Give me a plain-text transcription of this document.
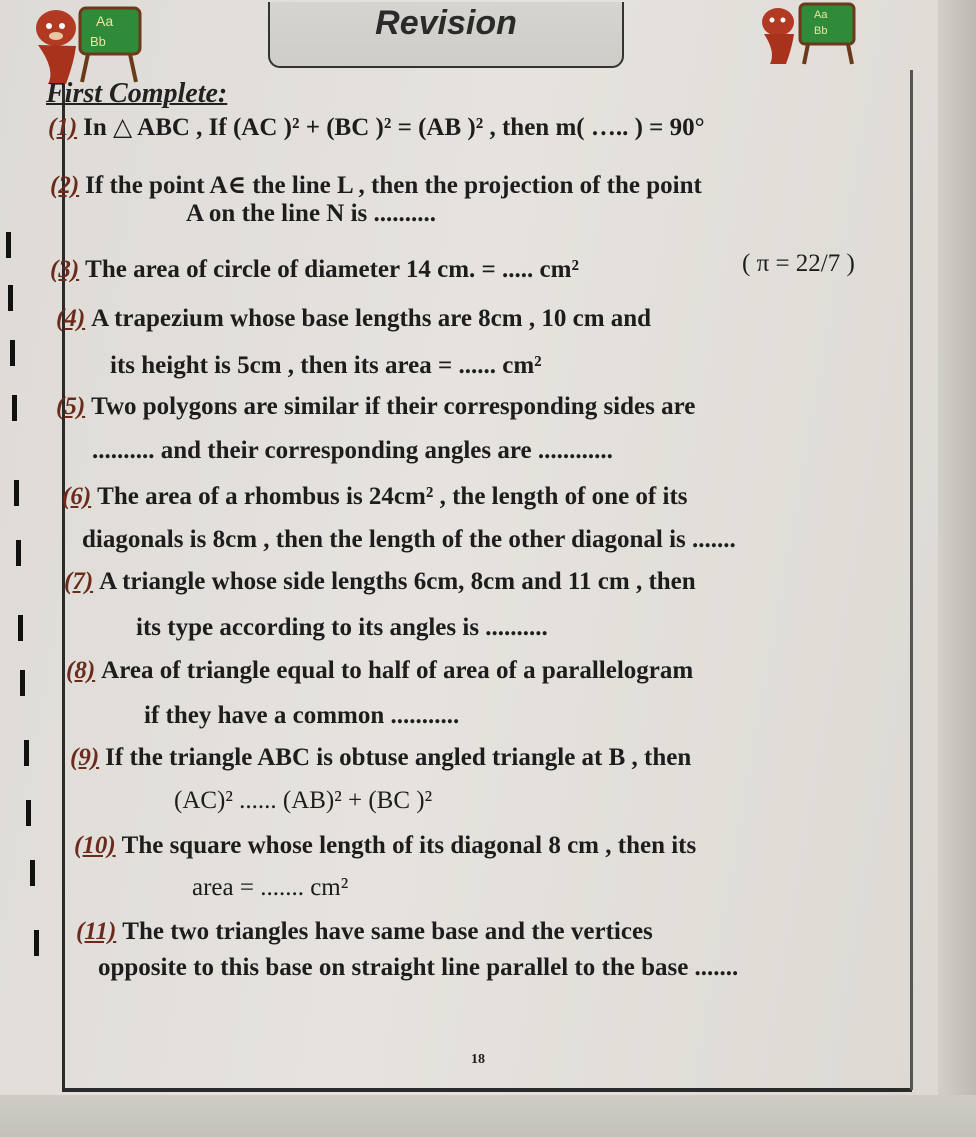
Aa
Bb
Aa
Bb
Revision
First Complete:
(1) In △ ABC , If (AC )² + (BC )² = (AB )² , then m( ….. ) = 90°
(2) If the point A∈ the line L , then the projection of the point
A on the line N is ..........
(3) The area of circle of diameter 14 cm. = ..... cm²	( π = 22/7 )
(4) A trapezium whose base lengths are 8cm , 10 cm and
its height is 5cm , then its area = ...... cm²
(5) Two polygons are similar if their corresponding sides are
.......... and their corresponding angles are ............
(6) The area of a rhombus is 24cm² , the length of one of its
diagonals is 8cm , then the length of the other diagonal is .......
(7) A triangle whose side lengths 6cm, 8cm and 11 cm , then
its type according to its angles is ..........
(8) Area of triangle equal to half of area of a parallelogram
if they have a common ...........
(9) If the triangle ABC is obtuse angled triangle at B , then
(AC)² ...... (AB)² + (BC )²
(10) The square whose length of its diagonal 8 cm , then its
area = ....... cm²
(11) The two triangles have same base and the vertices
opposite to this base on straight line parallel to the base .......
18
